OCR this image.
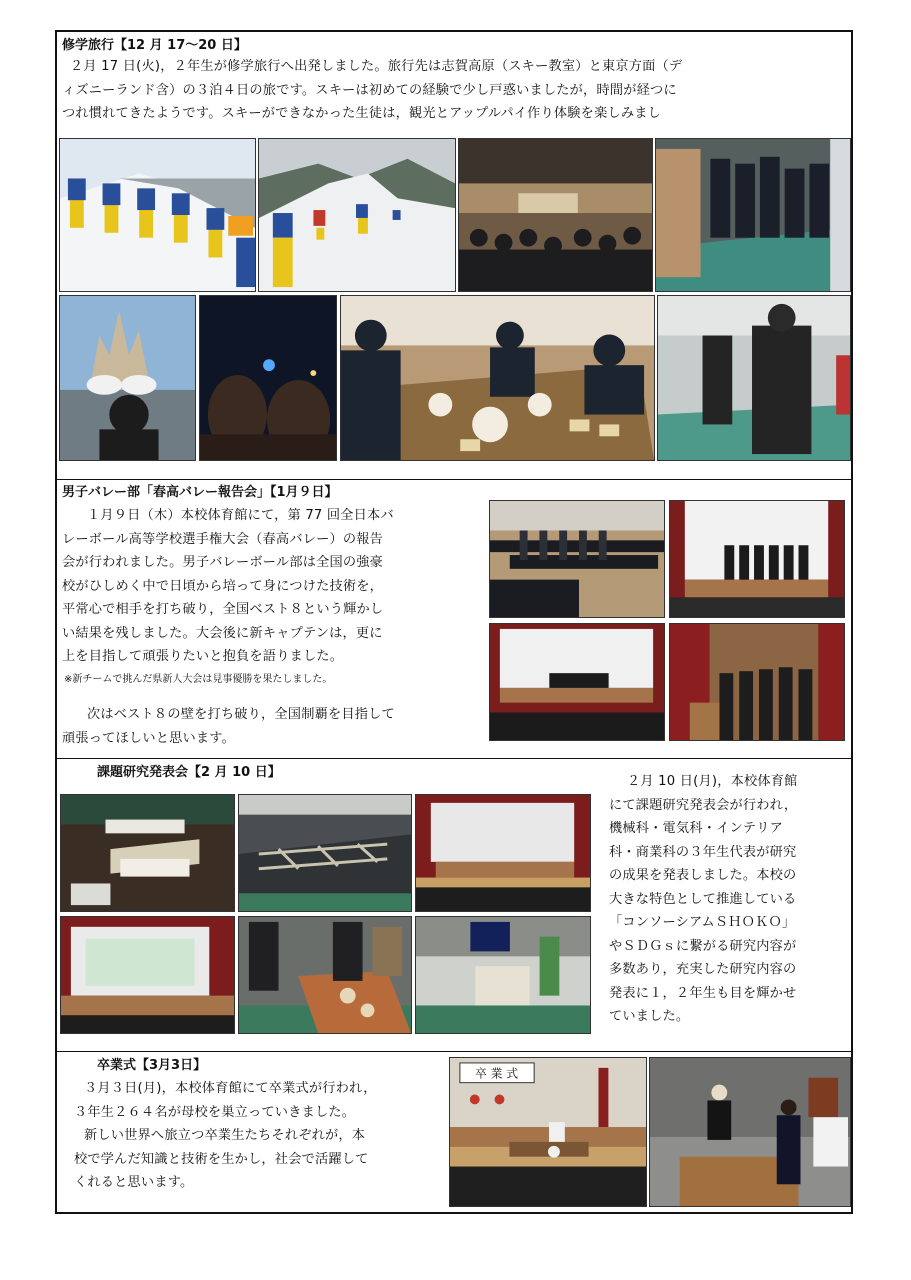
修学旅行【12 月 17～20 日】
２月 17 日(火)，２年生が修学旅行へ出発しました。旅行先は志賀高原（スキー教室）と東京方面（デ
ィズニーランド含）の３泊４日の旅です。スキーは初めての経験で少し戸惑いましたが，時間が経つに
つれ慣れてきたようです。スキーができなかった生徒は，観光とアップルパイ作り体験を楽しみまし
男子バレー部「春高バレー報告会」【1月９日】
１月９日（木）本校体育館にて，第 77 回全日本バ
レーボール高等学校選手権大会（春高バレー）の報告
会が行われました。男子バレーボール部は全国の強豪
校がひしめく中で日頃から培って身につけた技術を，
平常心で相手を打ち破り，全国ベスト８という輝かし
い結果を残しました。大会後に新キャプテンは，更に
上を目指して頑張りたいと抱負を語りました。
※新チームで挑んだ県新人大会は見事優勝を果たしました。
次はベスト８の壁を打ち破り，全国制覇を目指して
頑張ってほしいと思います。
課題研究発表会【2 月 10 日】
２月 10 日(月)，本校体育館
にて課題研究発表会が行われ，
機械科・電気科・インテリア
科・商業科の３年生代表が研究
の成果を発表しました。本校の
大きな特色として推進している
「コンソーシアムＳＨＯＫＯ」
やＳＤＧｓに繋がる研究内容が
多数あり，充実した研究内容の
発表に１，２年生も目を輝かせ
ていました。
卒業式【3月3日】
３月３日(月)，本校体育館にて卒業式が行われ，
３年生２６４名が母校を巣立っていきました。
新しい世界へ旅立つ卒業生たちそれぞれが，本
校で学んだ知識と技術を生かし，社会で活躍して
くれると思います。
卒 業 式
